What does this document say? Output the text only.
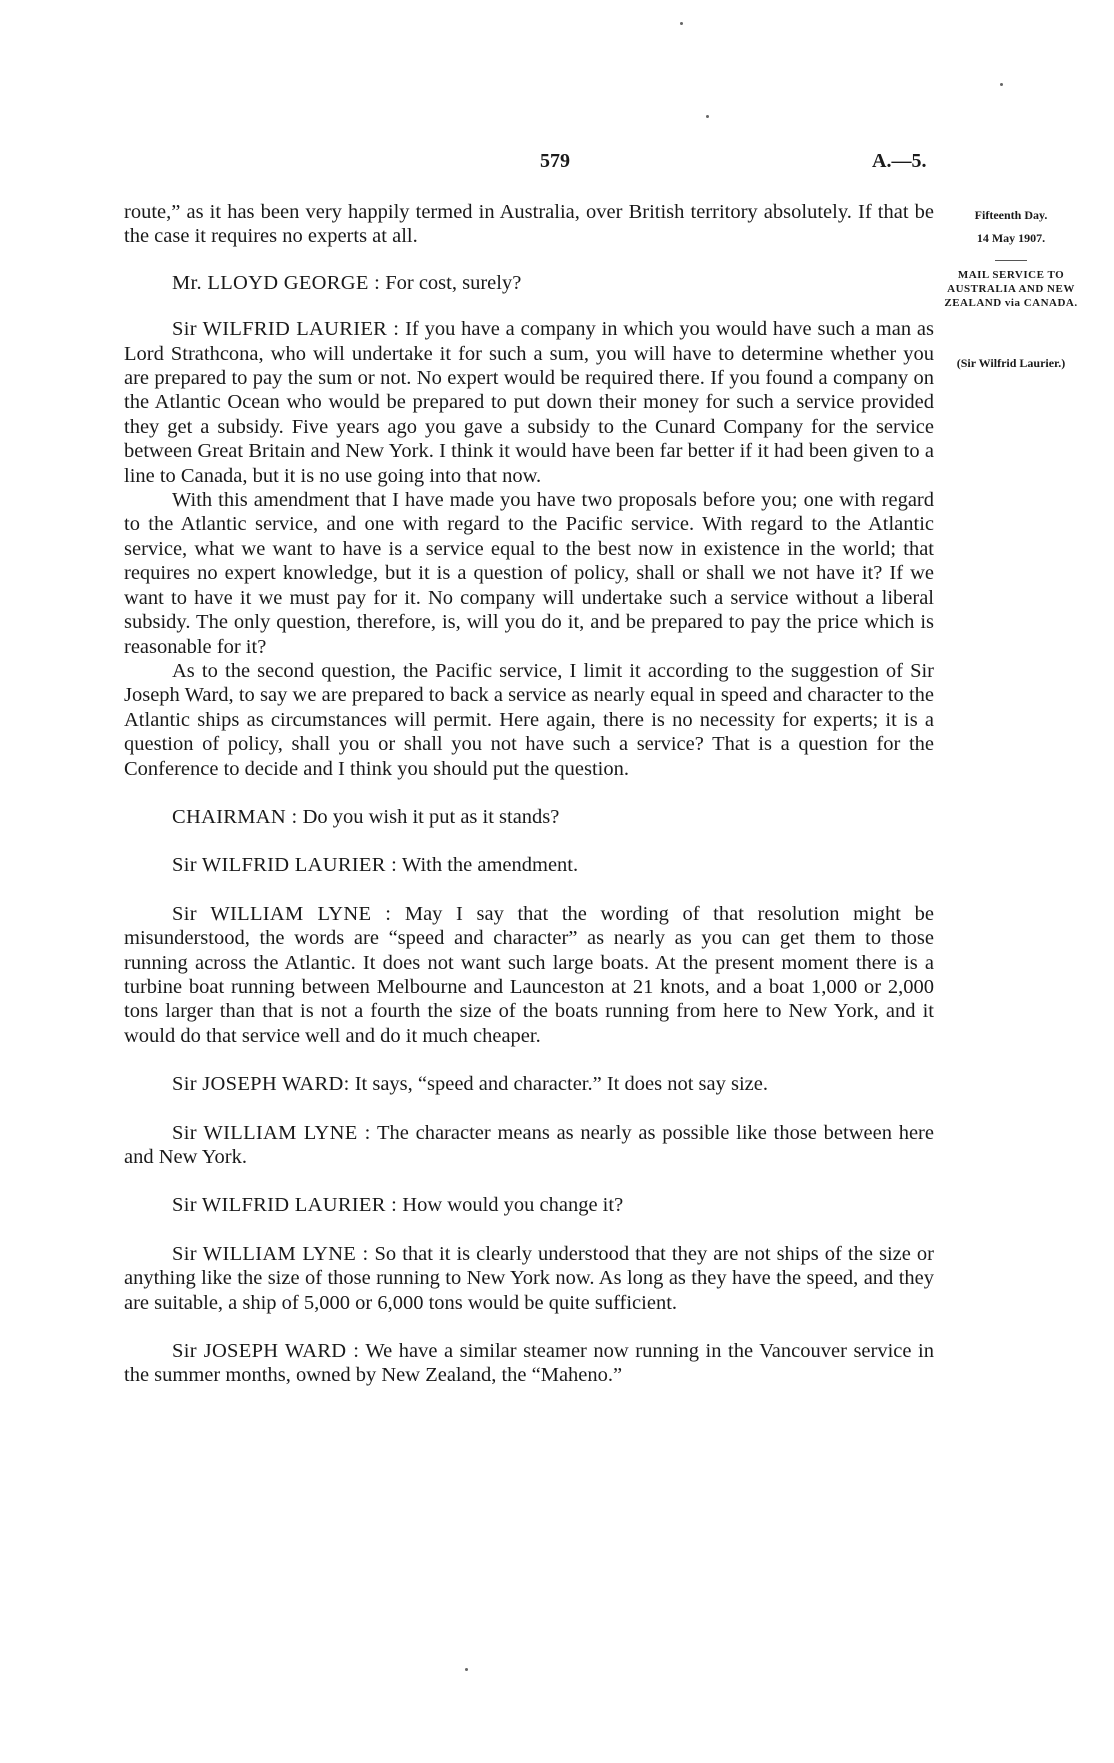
579	A.—5.
Fifteenth Day.
14 May 1907.
MAIL SERVICE TO AUSTRALIA AND NEW ZEALAND via CANADA.
(Sir Wilfrid Laurier.)

route,” as it has been very happily termed in Australia, over British territory absolutely. If that be the case it requires no experts at all.

Mr. LLOYD GEORGE : For cost, surely?

Sir WILFRID LAURIER : If you have a company in which you would have such a man as Lord Strathcona, who will undertake it for such a sum, you will have to determine whether you are prepared to pay the sum or not. No expert would be required there. If you found a company on the Atlantic Ocean who would be prepared to put down their money for such a service provided they get a subsidy. Five years ago you gave a subsidy to the Cunard Company for the service between Great Britain and New York. I think it would have been far better if it had been given to a line to Canada, but it is no use going into that now.

With this amendment that I have made you have two proposals before you; one with regard to the Atlantic service, and one with regard to the Pacific service. With regard to the Atlantic service, what we want to have is a service equal to the best now in existence in the world; that requires no expert knowledge, but it is a question of policy, shall or shall we not have it? If we want to have it we must pay for it. No company will undertake such a service without a liberal subsidy. The only question, therefore, is, will you do it, and be prepared to pay the price which is reasonable for it?

As to the second question, the Pacific service, I limit it according to the suggestion of Sir Joseph Ward, to say we are prepared to back a service as nearly equal in speed and character to the Atlantic ships as circumstances will permit. Here again, there is no necessity for experts; it is a question of policy, shall you or shall you not have such a service? That is a question for the Conference to decide and I think you should put the question.

CHAIRMAN : Do you wish it put as it stands?

Sir WILFRID LAURIER : With the amendment.

Sir WILLIAM LYNE : May I say that the wording of that resolution might be misunderstood, the words are “speed and character” as nearly as you can get them to those running across the Atlantic. It does not want such large boats. At the present moment there is a turbine boat running between Melbourne and Launceston at 21 knots, and a boat 1,000 or 2,000 tons larger than that is not a fourth the size of the boats running from here to New York, and it would do that service well and do it much cheaper.

Sir JOSEPH WARD: It says, “speed and character.” It does not say size.

Sir WILLIAM LYNE : The character means as nearly as possible like those between here and New York.

Sir WILFRID LAURIER : How would you change it?

Sir WILLIAM LYNE : So that it is clearly understood that they are not ships of the size or anything like the size of those running to New York now. As long as they have the speed, and they are suitable, a ship of 5,000 or 6,000 tons would be quite sufficient.

Sir JOSEPH WARD : We have a similar steamer now running in the Vancouver service in the summer months, owned by New Zealand, the “Maheno.”
